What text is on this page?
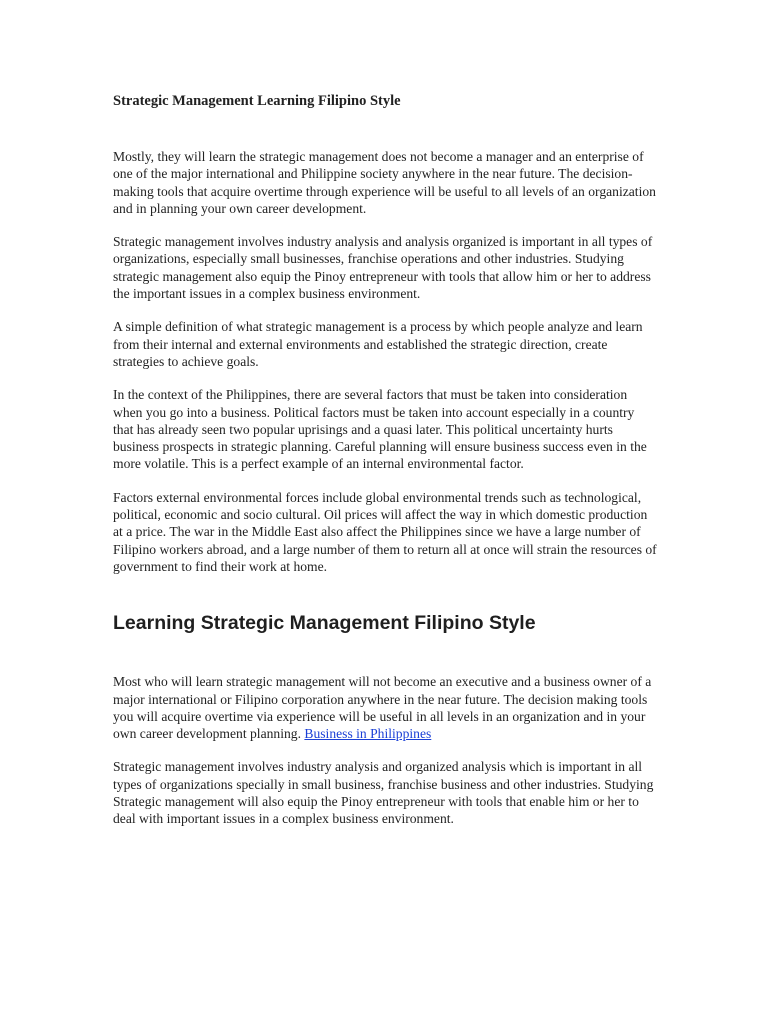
Strategic Management Learning Filipino Style

Mostly, they will learn the strategic management does not become a manager and an enterprise of one of the major international and Philippine society anywhere in the near future. The decision-making tools that acquire overtime through experience will be useful to all levels of an organization and in planning your own career development.

Strategic management involves industry analysis and analysis organized is important in all types of organizations, especially small businesses, franchise operations and other industries. Studying strategic management also equip the Pinoy entrepreneur with tools that allow him or her to address the important issues in a complex business environment.

A simple definition of what strategic management is a process by which people analyze and learn from their internal and external environments and established the strategic direction, create strategies to achieve goals.

In the context of the Philippines, there are several factors that must be taken into consideration when you go into a business. Political factors must be taken into account especially in a country that has already seen two popular uprisings and a quasi later. This political uncertainty hurts business prospects in strategic planning. Careful planning will ensure business success even in the more volatile. This is a perfect example of an internal environmental factor.

Factors external environmental forces include global environmental trends such as technological, political, economic and socio cultural. Oil prices will affect the way in which domestic production at a price. The war in the Middle East also affect the Philippines since we have a large number of Filipino workers abroad, and a large number of them to return all at once will strain the resources of government to find their work at home.

Learning Strategic Management Filipino Style

Most who will learn strategic management will not become an executive and a business owner of a major international or Filipino corporation anywhere in the near future. The decision making tools you will acquire overtime via experience will be useful in all levels in an organization and in your own career development planning. Business in Philippines

Strategic management involves industry analysis and organized analysis which is important in all types of organizations specially in small business, franchise business and other industries. Studying Strategic management will also equip the Pinoy entrepreneur with tools that enable him or her to deal with important issues in a complex business environment.
